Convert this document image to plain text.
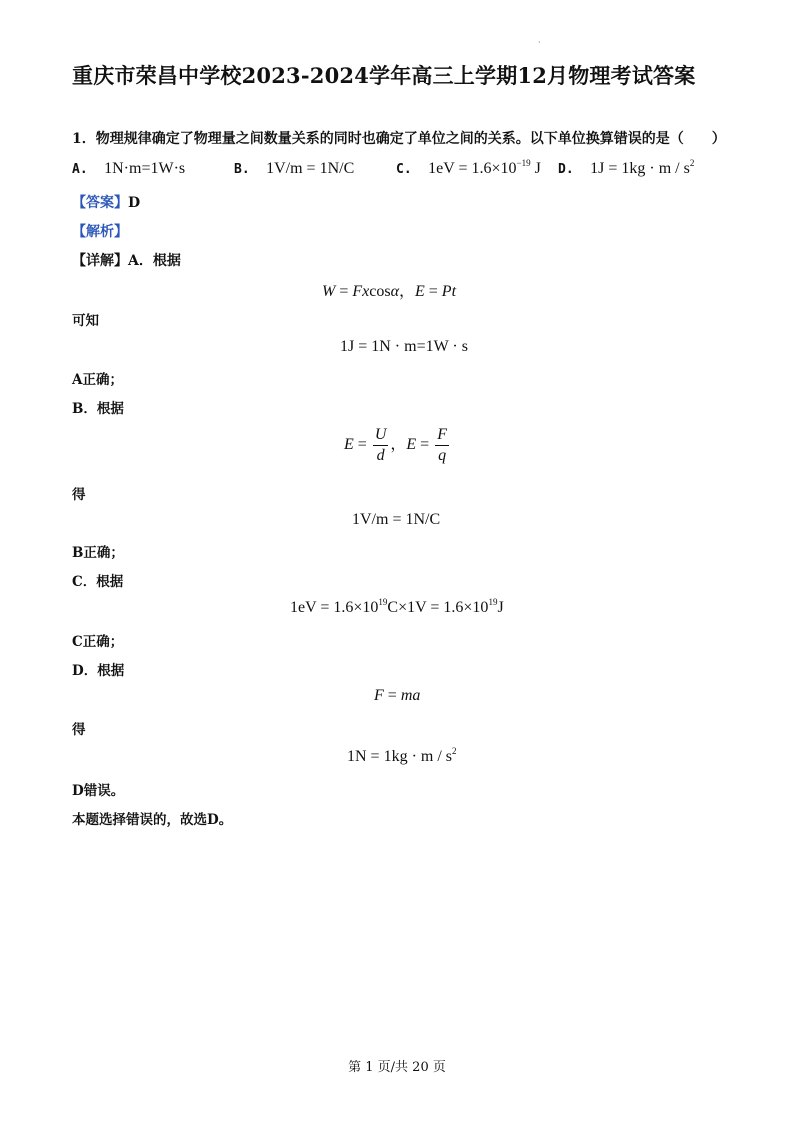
·
重庆市荣昌中学校2023-2024学年高三上学期12月物理考试答案
1．物理规律确定了物理量之间数量关系的同时也确定了单位之间的关系。以下单位换算错误的是（　　）
A. 1N·m=1W·s	B. 1V/m = 1N/C	C. $1eV = 1.6\times 10^{-19}$ J D. $1J = 1kg \cdot m / s^2$
【答案】D
【解析】
【详解】A．根据
W = Fxcosα，E = Pt
可知
1J = 1N · m=1W · s
A正确；
B．根据
$E = \frac{U}{d}$ ，$E = \frac{F}{q}$
得
1V/m = 1N/C
B正确；
C．根据
$1eV = 1.6\times 10^{19}C\times 1V = 1.6\times 10^{19}J$
C正确；
D．根据
F = ma
得
$1N = 1kg \cdot m / s^2$
D错误。
本题选择错误的，故选D。
第 1 页/共 20 页
